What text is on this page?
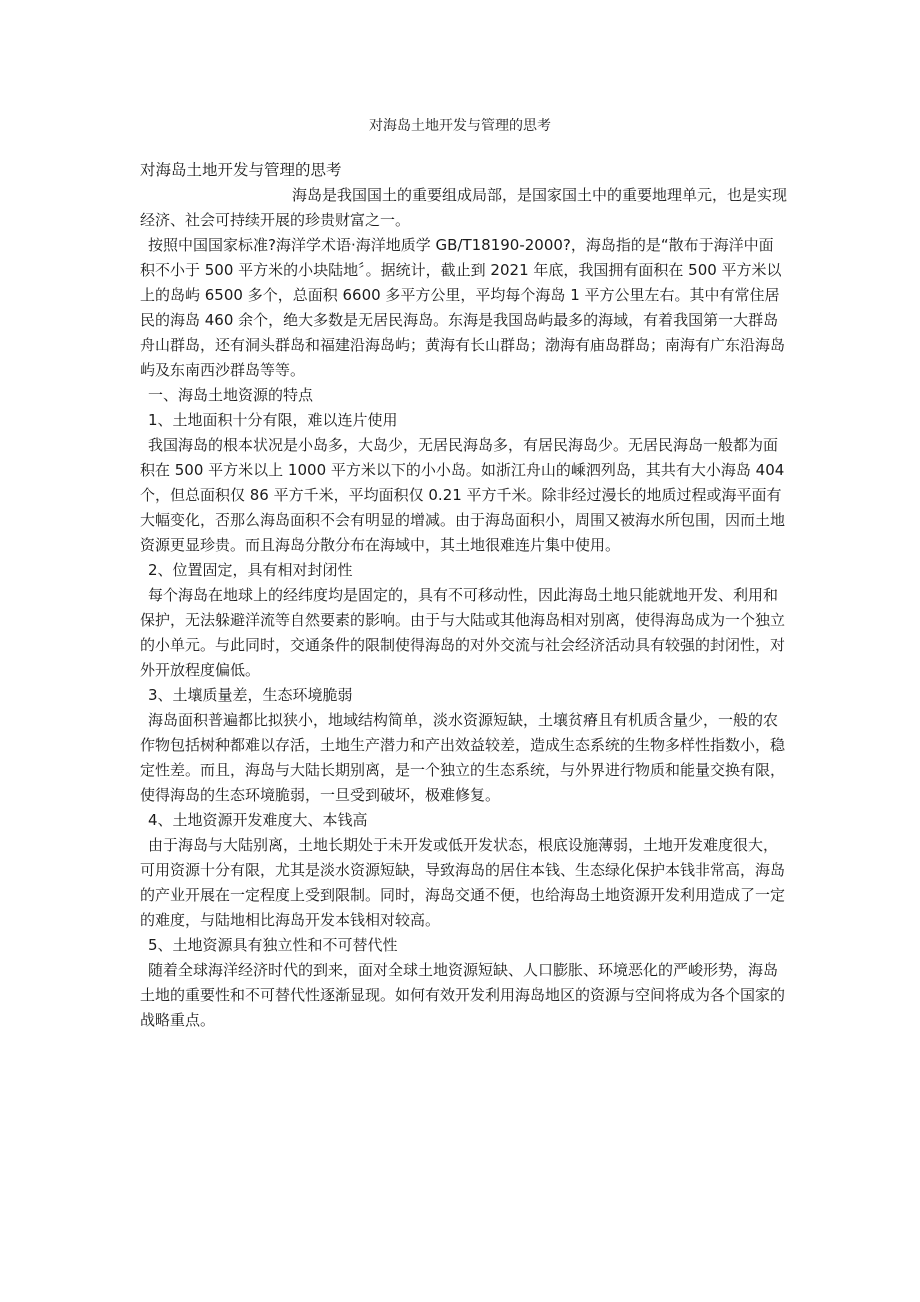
对海岛土地开发与管理的思考

对海岛土地开发与管理的思考

海岛是我国国土的重要组成局部，是国家国土中的重要地理单元，也是实现经济、社会可持续开展的珍贵财富之一。

按照中国国家标准?海洋学术语·海洋地质学 GB/T18190-2000?，海岛指的是“散布于海洋中面积不小于 500 平方米的小块陆地〞。据统计，截止到 2021 年底，我国拥有面积在 500 平方米以上的岛屿 6500 多个，总面积 6600 多平方公里，平均每个海岛 1 平方公里左右。其中有常住居民的海岛 460 余个，绝大多数是无居民海岛。东海是我国岛屿最多的海域，有着我国第一大群岛舟山群岛，还有洞头群岛和福建沿海岛屿；黄海有长山群岛；渤海有庙岛群岛；南海有广东沿海岛屿及东南西沙群岛等等。

一、海岛土地资源的特点

1、土地面积十分有限，难以连片使用

我国海岛的根本状况是小岛多，大岛少，无居民海岛多，有居民海岛少。无居民海岛一般都为面积在 500 平方米以上 1000 平方米以下的小小岛。如浙江舟山的嵊泗列岛，其共有大小海岛 404 个，但总面积仅 86 平方千米，平均面积仅 0.21 平方千米。除非经过漫长的地质过程或海平面有大幅变化，否那么海岛面积不会有明显的增减。由于海岛面积小，周围又被海水所包围，因而土地资源更显珍贵。而且海岛分散分布在海域中，其土地很难连片集中使用。

2、位置固定，具有相对封闭性

每个海岛在地球上的经纬度均是固定的，具有不可移动性，因此海岛土地只能就地开发、利用和保护，无法躲避洋流等自然要素的影响。由于与大陆或其他海岛相对别离，使得海岛成为一个独立的小单元。与此同时，交通条件的限制使得海岛的对外交流与社会经济活动具有较强的封闭性，对外开放程度偏低。

3、土壤质量差，生态环境脆弱

海岛面积普遍都比拟狭小，地域结构简单，淡水资源短缺，土壤贫瘠且有机质含量少，一般的农作物包括树种都难以存活，土地生产潜力和产出效益较差，造成生态系统的生物多样性指数小，稳定性差。而且，海岛与大陆长期别离，是一个独立的生态系统，与外界进行物质和能量交换有限，使得海岛的生态环境脆弱，一旦受到破坏，极难修复。

4、土地资源开发难度大、本钱高

由于海岛与大陆别离，土地长期处于未开发或低开发状态，根底设施薄弱，土地开发难度很大，可用资源十分有限，尤其是淡水资源短缺，导致海岛的居住本钱、生态绿化保护本钱非常高，海岛的产业开展在一定程度上受到限制。同时，海岛交通不便，也给海岛土地资源开发利用造成了一定的难度，与陆地相比海岛开发本钱相对较高。

5、土地资源具有独立性和不可替代性

随着全球海洋经济时代的到来，面对全球土地资源短缺、人口膨胀、环境恶化的严峻形势，海岛土地的重要性和不可替代性逐渐显现。如何有效开发利用海岛地区的资源与空间将成为各个国家的战略重点。
